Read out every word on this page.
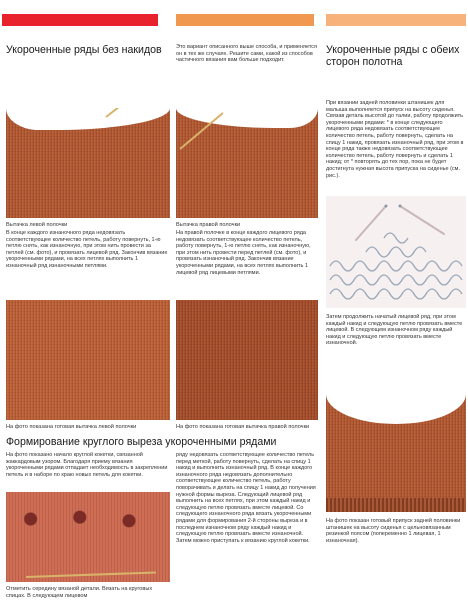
Укороченные ряды без накидов
Вытачка левой полочки
В конце каждого изнаночного ряда недовязать соответствующее количество петель, работу повернуть, 1-ю петлю снять, как изнаночную, при этом нить провести за петлей (см. фото), и провязать лицевой ряд. Закончив вязание укороченными рядами, на всех петлях выполнить 1 изнаночный ряд изнаночными петлями.
На фото показана готовая вытачка левой полочки
Это вариант описанного выше способа, и применяется он в тех же случаях. Решите сами, какой из способов частичного вязания вам больше подходит.
Вытачка правой полочки
На правой полочке в конце каждого лицевого ряда недовязать соответствующее количество петель, работу повернуть, 1-ю петлю снять, как изнаночную, при этом нить провести перед петлей (см. фото), и провязать изнаночный ряд. Закончив вязание укороченными рядами, на всех петлях выполнить 1 лицевой ряд лицевыми петлями.
На фото показана готовая вытачка правой полочки
Укороченные ряды с обеих сторон полотна
При вязании задней половинки штанишек для малыша выполняется припуск на высоту сиденья. Связав деталь высотой до талии, работу продолжить укороченными рядами: * в конце следующего лицевого ряда недовязать соответствующее количество петель, работу повернуть, сделать на спицу 1 накид, провязать изнаночный ряд, при этом в конце ряда также недовязать соответствующее количество петель, работу повернуть и сделать 1 накид; от * повторять до тех пор, пока не будет достигнута нужная высота припуска на сиденье (см. рис.).
Затем продолжить начатый лицевой ряд, при этом каждый накид и следующую петлю провязать вместе лицевой. В следующем изнаночном ряду каждый накид и следующую петлю провязать вместе изнаночной.
На фото показан готовый припуск задней половинки штанишек на высоту сиденья с цельновязанным резинкой поясом (попеременно 1 лицевая, 1 изнаночная).
Формирование круглого выреза укороченными рядами
На фото показано начало круглой кокетки, связанной жаккардовым узором. Благодаря приему вязания укороченными рядами отпадает необходимость в закреплении петель и в наборе по краю новых петель для кокетки.
Отметить середину вязаной детали. Вязать на круговых спицах. В следующем лицевом
ряду недовязать соответствующее количество петель перед меткой, работу повернуть, сделать на спицу 1 накид и выполнить изнаночный ряд. В конце каждого изнаночного ряда недовязать дополнительно соответствующее количество петель, работу поворачивать и делать на спицу 1 накид до получения нужной формы выреза. Следующий лицевой ряд выполнить на всех петлях, при этом каждый накид и следующую петлю провязать вместе лицевой. Со следующего изнаночного ряда вязать укороченными рядами для формирования 2-й стороны выреза и в последнем изнаночном ряду каждый накид и следующую петлю провязать вместе изнаночной. Затем можно приступать к вязанию круглой кокетки.
